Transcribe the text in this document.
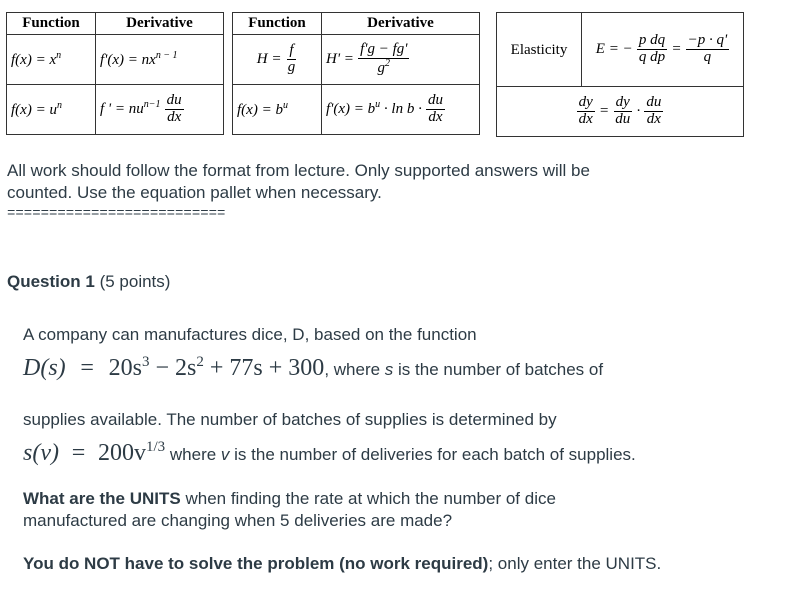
Function	Derivative
$f(x) = x^n$	$f'(x) = nx^{n - 1}$
$f(x) = u^n$	f ' = $nu^{n-1} \frac{du}{dx}$
Function	Derivative
$H = \frac{f}{g}$	$H' = \frac{f'g - fg'}{g^2}$

$f(x) = b^u$	$f'(x) = b^u \cdot \ln b \cdot \frac{du}{dx}$
Elasticity	E = − $\frac{\text{p dq}}{\text{q dp}} = \frac{-p \cdot q'}{q}$

$\frac{dy}{dx} = \frac{dy}{du} \cdot \frac{du}{dx}$
All work should follow the format from lecture. Only supported answers will be
counted. Use the equation pallet when necessary.
==========================
Question 1 (5 points)
A company can manufactures dice, D, based on the function
$D(s) = 20s^3 - 2s^2 + 77s + 300$, where s is the number of batches of
supplies available. The number of batches of supplies is determined by
$s(v) = 200v^{1/3}$ where v is the number of deliveries for each batch of supplies.
What are the UNITS when finding the rate at which the number of dice
manufactured are changing when 5 deliveries are made?
You do NOT have to solve the problem (no work required); only enter the UNITS.
